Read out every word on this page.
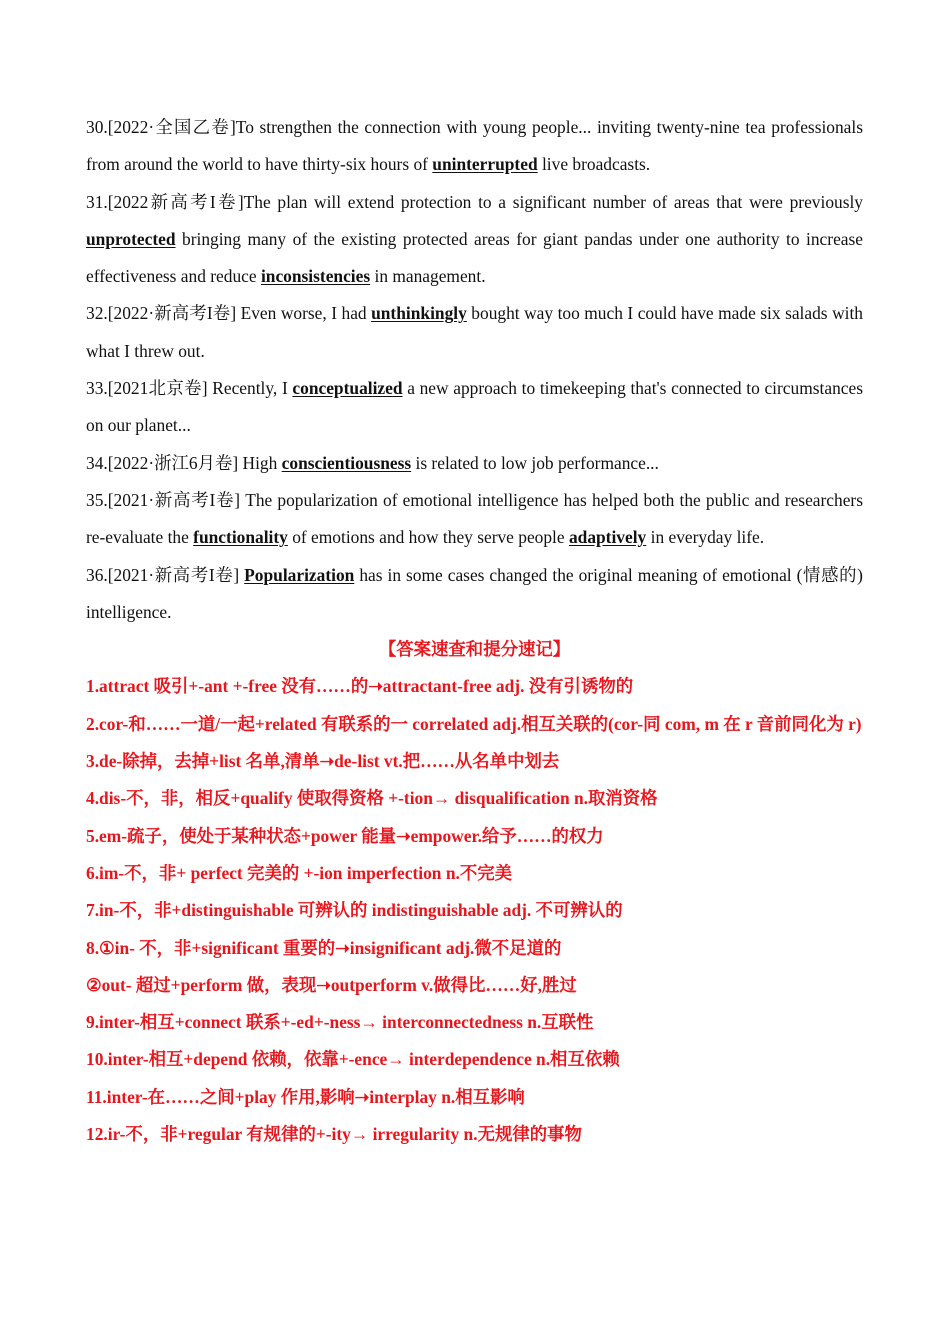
30.[2022·全国乙卷]To strengthen the connection with young people... inviting twenty-nine tea professionals from around the world to have thirty-six hours of uninterrupted live broadcasts.

31.[2022新高考I卷]The plan will extend protection to a significant number of areas that were previously unprotected bringing many of the existing protected areas for giant pandas under one authority to increase effectiveness and reduce inconsistencies in management.

32.[2022·新高考I卷] Even worse, I had unthinkingly bought way too much I could have made six salads with what I threw out.

33.[2021北京卷] Recently, I conceptualized a new approach to timekeeping that's connected to circumstances on our planet...

34.[2022·浙江6月卷] High conscientiousness is related to low job performance...

35.[2021·新高考I卷] The popularization of emotional intelligence has helped both the public and researchers re-evaluate the functionality of emotions and how they serve people adaptively in everyday life.

36.[2021·新高考I卷] Popularization has in some cases changed the original meaning of emotional (情感的) intelligence.

【答案速查和提分速记】

1.attract 吸引+-ant +-free 没有……的➝attractant-free adj. 没有引诱物的

2.cor-和……一道/一起+related 有联系的一 correlated adj.相互关联的(cor-同 com, m 在 r 音前同化为 r)

3.de-除掉，去掉+list 名单,清单➝de-list vt.把……从名单中划去

4.dis-不，非，相反+qualify 使取得资格 +-tion→ disqualification n.取消资格

5.em-疏子，使处于某种状态+power 能量➝empower.给予……的权力

6.im-不，非+ perfect 完美的 +-ion imperfection n.不完美

7.in-不，非+distinguishable 可辨认的 indistinguishable adj. 不可辨认的

8.①in- 不，非+significant 重要的➝insignificant adj.微不足道的

②out- 超过+perform 做，表现➝outperform v.做得比……好,胜过

9.inter-相互+connect 联系+-ed+-ness→ interconnectedness n.互联性

10.inter-相互+depend 依赖，依靠+-ence→ interdependence n.相互依赖

11.inter-在……之间+play 作用,影响➝interplay n.相互影响

12.ir-不，非+regular 有规律的+-ity→ irregularity n.无规律的事物
